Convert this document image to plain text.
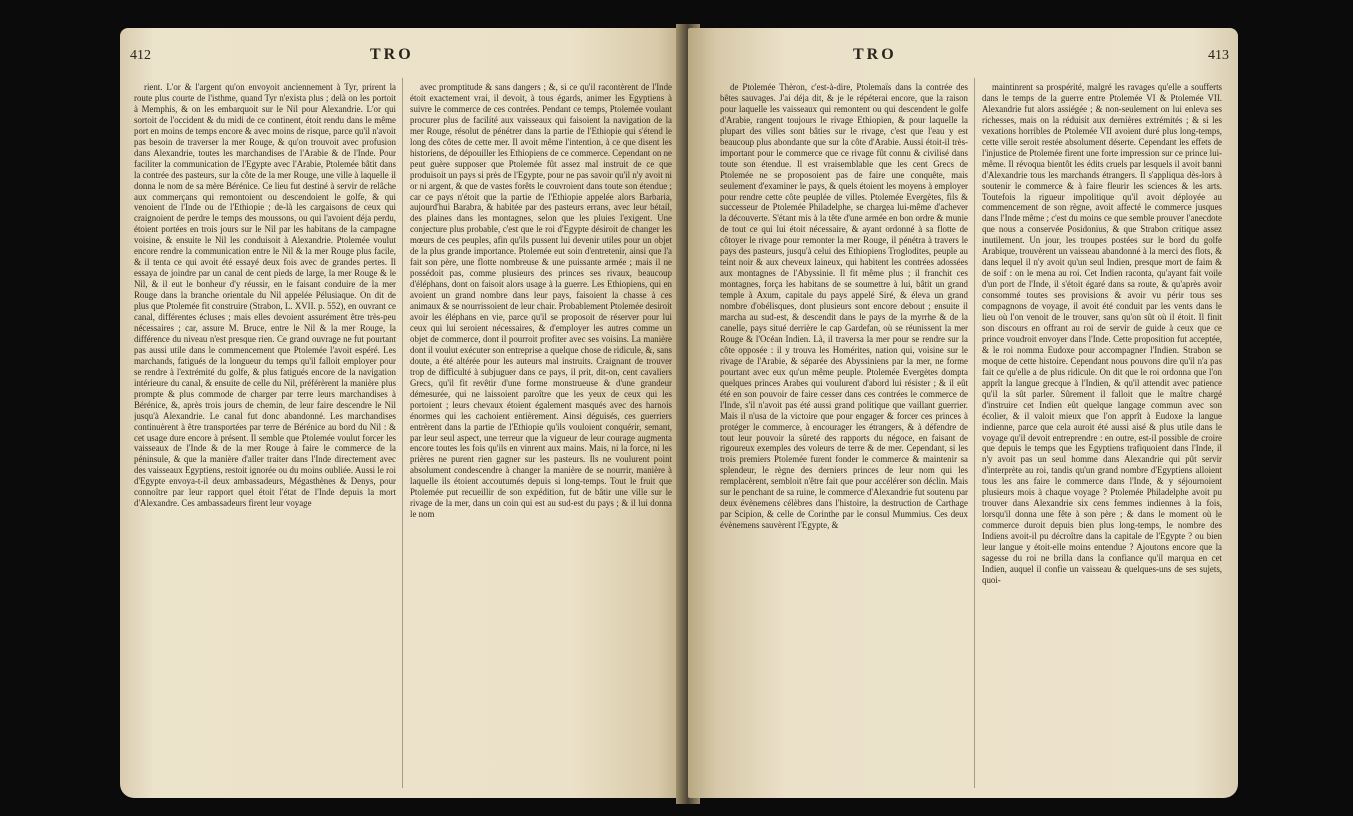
412	TRO

rient. L'or & l'argent qu'on envoyoit anciennement à Tyr, prirent la route plus courte de l'isthme, quand Tyr n'exista plus ; delà on les portoit à Memphis, & on les embarquoit sur le Nil pour Alexandrie. L'or qui sortoit de l'occident & du midi de ce continent, étoit rendu dans le même port en moins de temps encore & avec moins de risque, parce qu'il n'avoit pas besoin de traverser la mer Rouge, & qu'on trouvoit avec profusion dans Alexandrie, toutes les marchandises de l'Arabie & de l'Inde. Pour faciliter la communication de l'Egypte avec l'Arabie, Ptolemée bâtit dans la contrée des pasteurs, sur la côte de la mer Rouge, une ville à laquelle il donna le nom de sa mère Bérénice. Ce lieu fut destiné à servir de relâche aux commerçans qui remontoient ou descendoient le golfe, & qui venoient de l'Inde ou de l'Ethiopie ; de-là les cargaisons de ceux qui craignoient de perdre le temps des moussons, ou qui l'avoient déja perdu, étoient portées en trois jours sur le Nil par les habitans de la campagne voisine, & ensuite le Nil les conduisoit à Alexandrie. Ptolemée voulut encore rendre la communication entre le Nil & la mer Rouge plus facile, & il tenta ce qui avoit été essayé deux fois avec de grandes pertes. Il essaya de joindre par un canal de cent pieds de large, la mer Rouge & le Nil, & il eut le bonheur d'y réussir, en le faisant conduire de la mer Rouge dans la branche orientale du Nil appelée Pélusiaque. On dit de plus que Ptolemée fit construire (Strabon, L. XVII. p. 552), en ouvrant ce canal, différentes écluses ; mais elles devoient assurément être très-peu nécessaires ; car, assure M. Bruce, entre le Nil & la mer Rouge, la différence du niveau n'est presque rien. Ce grand ouvrage ne fut pourtant pas aussi utile dans le commencement que Ptolemée l'avoit espéré. Les marchands, fatigués de la longueur du temps qu'il falloit employer pour se rendre à l'extrémité du golfe, & plus fatigués encore de la navigation intérieure du canal, & ensuite de celle du Nil, préférèrent la manière plus prompte & plus commode de charger par terre leurs marchandises à Bérénice, &, après trois jours de chemin, de leur faire descendre le Nil jusqu'à Alexandrie. Le canal fut donc abandonné. Les marchandises continuèrent à être transportées par terre de Bérénice au bord du Nil : & cet usage dure encore à présent. Il semble que Ptolemée voulut forcer les vaisseaux de l'Inde & de la mer Rouge à faire le commerce de la péninsule, & que la manière d'aller traiter dans l'Inde directement avec des vaisseaux Egyptiens, restoit ignorée ou du moins oubliée. Aussi le roi d'Egypte envoya-t-il deux ambassadeurs, Mégasthènes & Denys, pour connoître par leur rapport quel étoit l'état de l'Inde depuis la mort d'Alexandre. Ces ambassadeurs firent leur voyage

avec promptitude & sans dangers ; &, si ce qu'il racontèrent de l'Inde étoit exactement vrai, il devoit, à tous égards, animer les Egyptiens à suivre le commerce de ces contrées. Pendant ce temps, Ptolemée voulant procurer plus de facilité aux vaisseaux qui faisoient la navigation de la mer Rouge, résolut de pénétrer dans la partie de l'Ethiopie qui s'étend le long des côtes de cette mer. Il avoit même l'intention, à ce que disent les historiens, de dépouiller les Ethiopiens de ce commerce. Cependant on ne peut guère supposer que Ptolemée fût assez mal instruit de ce que produisoit un pays si près de l'Egypte, pour ne pas savoir qu'il n'y avoit ni or ni argent, & que de vastes forêts le couvroient dans toute son étendue ; car ce pays n'étoit que la partie de l'Ethiopie appelée alors Barbaria, aujourd'hui Barabra, & habitée par des pasteurs errans, avec leur bétail, des plaines dans les montagnes, selon que les pluies l'exigent. Une conjecture plus probable, c'est que le roi d'Egypte désiroit de changer les mœurs de ces peuples, afin qu'ils pussent lui devenir utiles pour un objet de la plus grande importance. Ptolemée eut soin d'entretenir, ainsi que l'a fait son père, une flotte nombreuse & une puissante armée ; mais il ne possédoit pas, comme plusieurs des princes ses rivaux, beaucoup d'éléphans, dont on faisoit alors usage à la guerre. Les Ethiopiens, qui en avoient un grand nombre dans leur pays, faisoient la chasse à ces animaux & se nourrissoient de leur chair. Probablement Ptolemée desiroit avoir les éléphans en vie, parce qu'il se proposoit de réserver pour lui ceux qui lui seroient nécessaires, & d'employer les autres comme un objet de commerce, dont il pourroit profiter avec ses voisins. La manière dont il voulut exécuter son entreprise a quelque chose de ridicule, &, sans doute, a été altérée pour les auteurs mal instruits. Craignant de trouver trop de difficulté à subjuguer dans ce pays, il prit, dit-on, cent cavaliers Grecs, qu'il fit revêtir d'une forme monstrueuse & d'une grandeur démesurée, qui ne laissoient paroître que les yeux de ceux qui les portoient ; leurs chevaux étoient également masqués avec des harnois énormes qui les cachoient entièrement. Ainsi déguisés, ces guerriers entrèrent dans la partie de l'Ethiopie qu'ils vouloient conquérir, semant, par leur seul aspect, une terreur que la vigueur de leur courage augmenta encore toutes les fois qu'ils en vinrent aux mains. Mais, ni la force, ni les prières ne purent rien gagner sur les pasteurs. Ils ne voulurent point absolument condescendre à changer la manière de se nourrir, manière à laquelle ils étoient accoutumés depuis si long-temps. Tout le fruit que Ptolemée put recueillir de son expédition, fut de bâtir une ville sur le rivage de la mer, dans un coin qui est au sud-est du pays ; & il lui donna le nom

TRO	413

de Ptolemée Thèron, c'est-à-dire, Ptolemaïs dans la contrée des bêtes sauvages. J'ai déja dit, & je le répéterai encore, que la raison pour laquelle les vaisseaux qui remontent ou qui descendent le golfe d'Arabie, rangent toujours le rivage Ethiopien, & pour laquelle la plupart des villes sont bâties sur le rivage, c'est que l'eau y est beaucoup plus abondante que sur la côte d'Arabie. Aussi étoit-il très-important pour le commerce que ce rivage fût connu & civilisé dans toute son étendue. Il est vraisemblable que les cent Grecs de Ptolemée ne se proposoient pas de faire une conquête, mais seulement d'examiner le pays, & quels étoient les moyens à employer pour rendre cette côte peuplée de villes. Ptolemée Evergètes, fils & successeur de Ptolemée Philadelphe, se chargea lui-même d'achever la découverte. S'étant mis à la tête d'une armée en bon ordre & munie de tout ce qui lui étoit nécessaire, & ayant ordonné à sa flotte de côtoyer le rivage pour remonter la mer Rouge, il pénétra à travers le pays des pasteurs, jusqu'à celui des Ethiopiens Troglodites, peuple au teint noir & aux cheveux laineux, qui habitent les contrées adossées aux montagnes de l'Abyssinie. Il fit même plus ; il franchit ces montagnes, força les habitans de se soumettre à lui, bâtit un grand temple à Axum, capitale du pays appelé Siré, & éleva un grand nombre d'obélisques, dont plusieurs sont encore debout ; ensuite il marcha au sud-est, & descendit dans le pays de la myrrhe & de la canelle, pays situé derrière le cap Gardefan, où se réunissent la mer Rouge & l'Océan Indien. Là, il traversa la mer pour se rendre sur la côte opposée : il y trouva les Homérites, nation qui, voisine sur le rivage de l'Arabie, & séparée des Abyssiniens par la mer, ne forme pourtant avec eux qu'un même peuple. Ptolemée Evergètes dompta quelques princes Arabes qui voulurent d'abord lui résister ; & il eût été en son pouvoir de faire cesser dans ces contrées le commerce de l'Inde, s'il n'avoit pas été aussi grand politique que vaillant guerrier. Mais il n'usa de la victoire que pour engager & forcer ces princes à protéger le commerce, à encourager les étrangers, & à défendre de tout leur pouvoir la sûreté des rapports du négoce, en faisant de rigoureux exemples des voleurs de terre & de mer. Cependant, si les trois premiers Ptolemée furent fonder le commerce & maintenir sa splendeur, le règne des derniers princes de leur nom qui les remplacèrent, sembloit n'être fait que pour accélérer son déclin. Mais sur le penchant de sa ruine, le commerce d'Alexandrie fut soutenu par deux évènemens célèbres dans l'histoire, la destruction de Carthage par Scipion, & celle de Corinthe par le consul Mummius. Ces deux évènemens sauvèrent l'Egypte, &

maintinrent sa prospérité, malgré les ravages qu'elle a soufferts dans le temps de la guerre entre Ptolemée VI & Ptolemée VII. Alexandrie fut alors assiégée ; & non-seulement on lui enleva ses richesses, mais on la réduisit aux dernières extrémités ; & si les vexations horribles de Ptolemée VII avoient duré plus long-temps, cette ville seroit restée absolument déserte. Cependant les effets de l'injustice de Ptolemée firent une forte impression sur ce prince lui-même. Il révoqua bientôt les édits cruels par lesquels il avoit banni d'Alexandrie tous les marchands étrangers. Il s'appliqua dès-lors à soutenir le commerce & à faire fleurir les sciences & les arts. Toutefois la rigueur impolitique qu'il avoit déployée au commencement de son règne, avoit affecté le commerce jusques dans l'Inde même ; c'est du moins ce que semble prouver l'anecdote que nous a conservée Posidonius, & que Strabon critique assez inutilement. Un jour, les troupes postées sur le bord du golfe Arabique, trouvèrent un vaisseau abandonné à la merci des flots, & dans lequel il n'y avoit qu'un seul Indien, presque mort de faim & de soif : on le mena au roi. Cet Indien raconta, qu'ayant fait voile d'un port de l'Inde, il s'étoit égaré dans sa route, & qu'après avoir consommé toutes ses provisions & avoir vu périr tous ses compagnons de voyage, il avoit été conduit par les vents dans le lieu où l'on venoit de le trouver, sans qu'on sût où il étoit. Il finit son discours en offrant au roi de servir de guide à ceux que ce prince voudroit envoyer dans l'Inde. Cette proposition fut acceptée, & le roi nomma Eudoxe pour accompagner l'Indien. Strabon se moque de cette histoire. Cependant nous pouvons dire qu'il n'a pas fait ce qu'elle a de plus ridicule. On dit que le roi ordonna que l'on apprît la langue grecque à l'Indien, & qu'il attendit avec patience qu'il la sût parler. Sûrement il falloit que le maître chargé d'instruire cet Indien eût quelque langage commun avec son écolier, & il valoit mieux que l'on apprît à Eudoxe la langue indienne, parce que cela auroit été aussi aisé & plus utile dans le voyage qu'il devoit entreprendre : en outre, est-il possible de croire que depuis le temps que les Egyptiens trafiquoient dans l'Inde, il n'y avoit pas un seul homme dans Alexandrie qui pût servir d'interprète au roi, tandis qu'un grand nombre d'Egyptiens alloient tous les ans faire le commerce dans l'Inde, & y séjournoient plusieurs mois à chaque voyage ? Ptolemée Philadelphe avoit pu trouver dans Alexandrie six cens femmes indiennes à la fois, lorsqu'il donna une fête à son père ; & dans le moment où le commerce duroit depuis bien plus long-temps, le nombre des Indiens avoit-il pu décroître dans la capitale de l'Egypte ? ou bien leur langue y étoit-elle moins entendue ? Ajoutons encore que la sagesse du roi ne brilla dans la confiance qu'il marqua en cet Indien, auquel il confie un vaisseau & quelques-uns de ses sujets, quoi-
